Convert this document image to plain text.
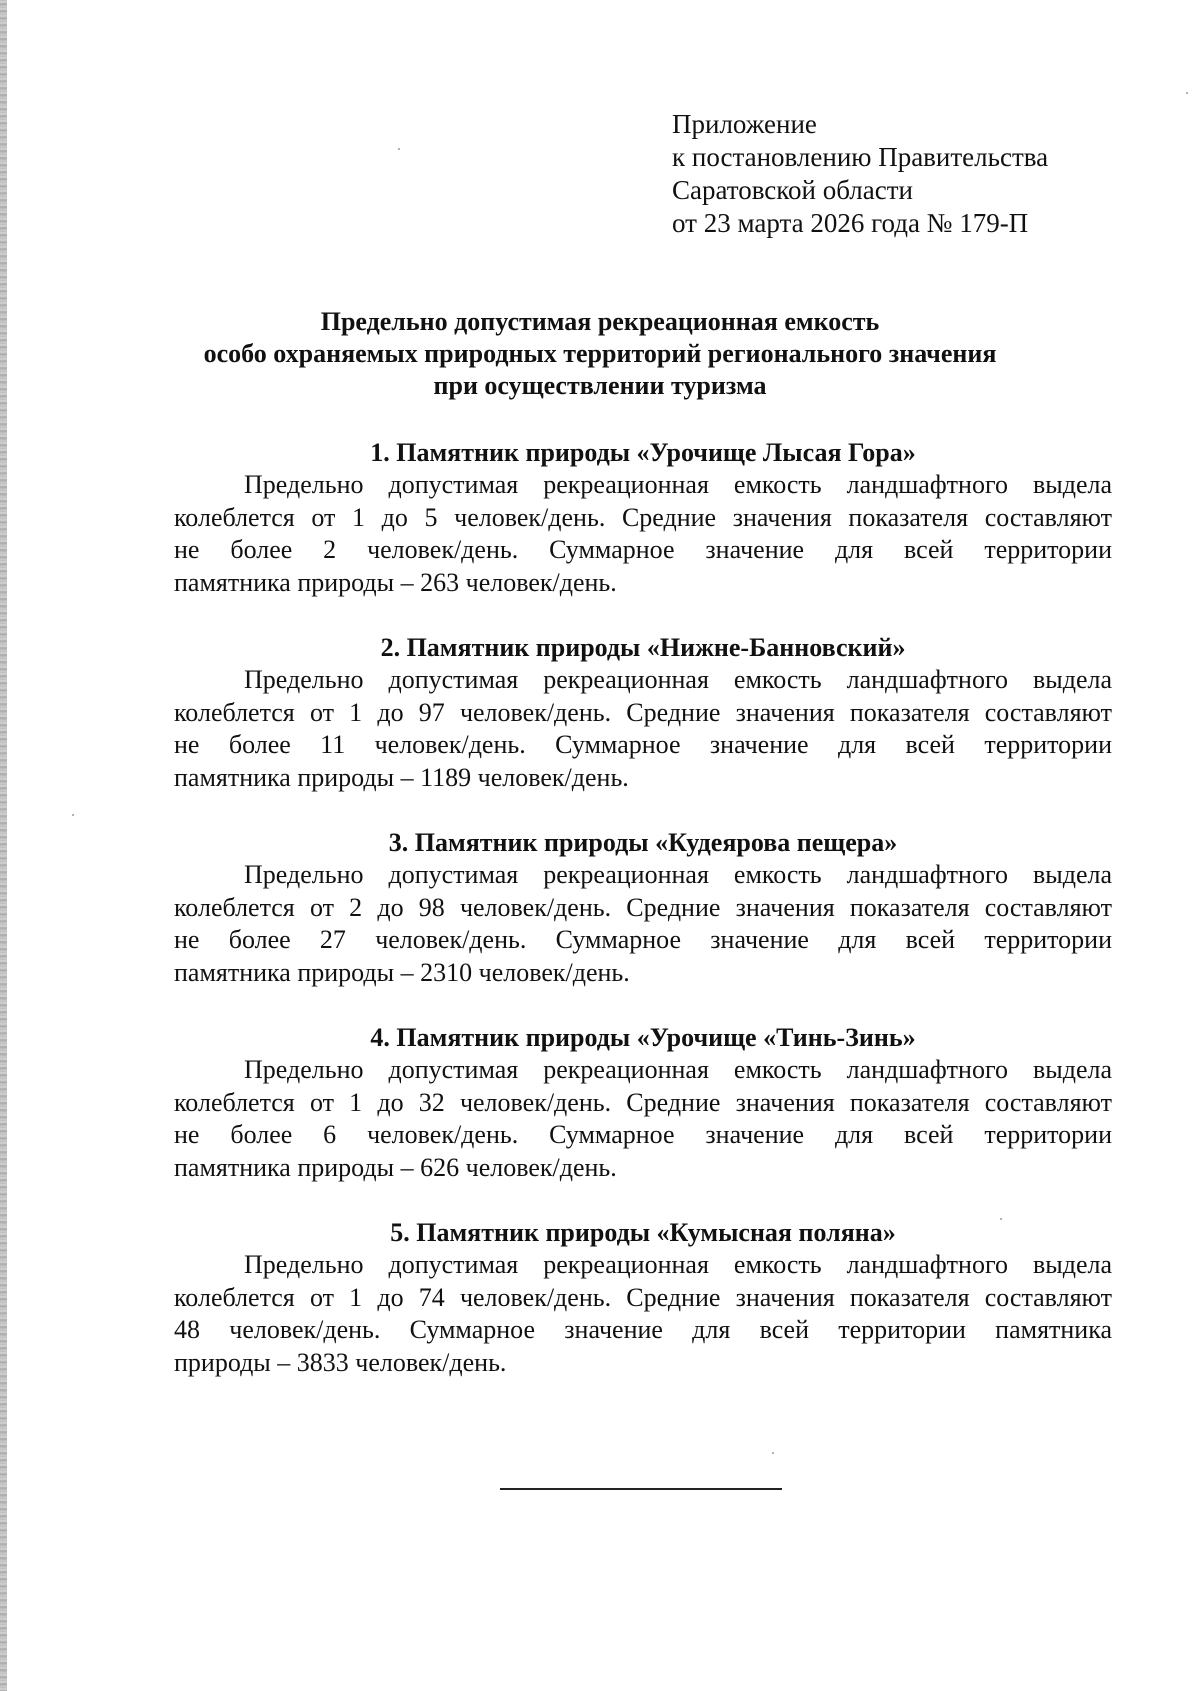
Приложение
к постановлению Правительства
Саратовской области
от 23 марта 2026 года № 179-П
Предельно допустимая рекреационная емкость
особо охраняемых природных территорий регионального значения
при осуществлении туризма
1. Памятник природы «Урочище Лысая Гора»
Предельно допустимая рекреационная емкость ландшафтного выдела
колеблется от 1 до 5 человек/день. Средние значения показателя составляют
не более 2 человек/день. Суммарное значение для всей территории
памятника природы – 263 человек/день.
2. Памятник природы «Нижне-Банновский»
Предельно допустимая рекреационная емкость ландшафтного выдела
колеблется от 1 до 97 человек/день. Средние значения показателя составляют
не более 11 человек/день. Суммарное значение для всей территории
памятника природы – 1189 человек/день.
3. Памятник природы «Кудеярова пещера»
Предельно допустимая рекреационная емкость ландшафтного выдела
колеблется от 2 до 98 человек/день. Средние значения показателя составляют
не более 27 человек/день. Суммарное значение для всей территории
памятника природы – 2310 человек/день.
4. Памятник природы «Урочище «Тинь-Зинь»
Предельно допустимая рекреационная емкость ландшафтного выдела
колеблется от 1 до 32 человек/день. Средние значения показателя составляют
не более 6 человек/день. Суммарное значение для всей территории
памятника природы – 626 человек/день.
5. Памятник природы «Кумысная поляна»
Предельно допустимая рекреационная емкость ландшафтного выдела
колеблется от 1 до 74 человек/день. Средние значения показателя составляют
48 человек/день. Суммарное значение для всей территории памятника
природы – 3833 человек/день.
